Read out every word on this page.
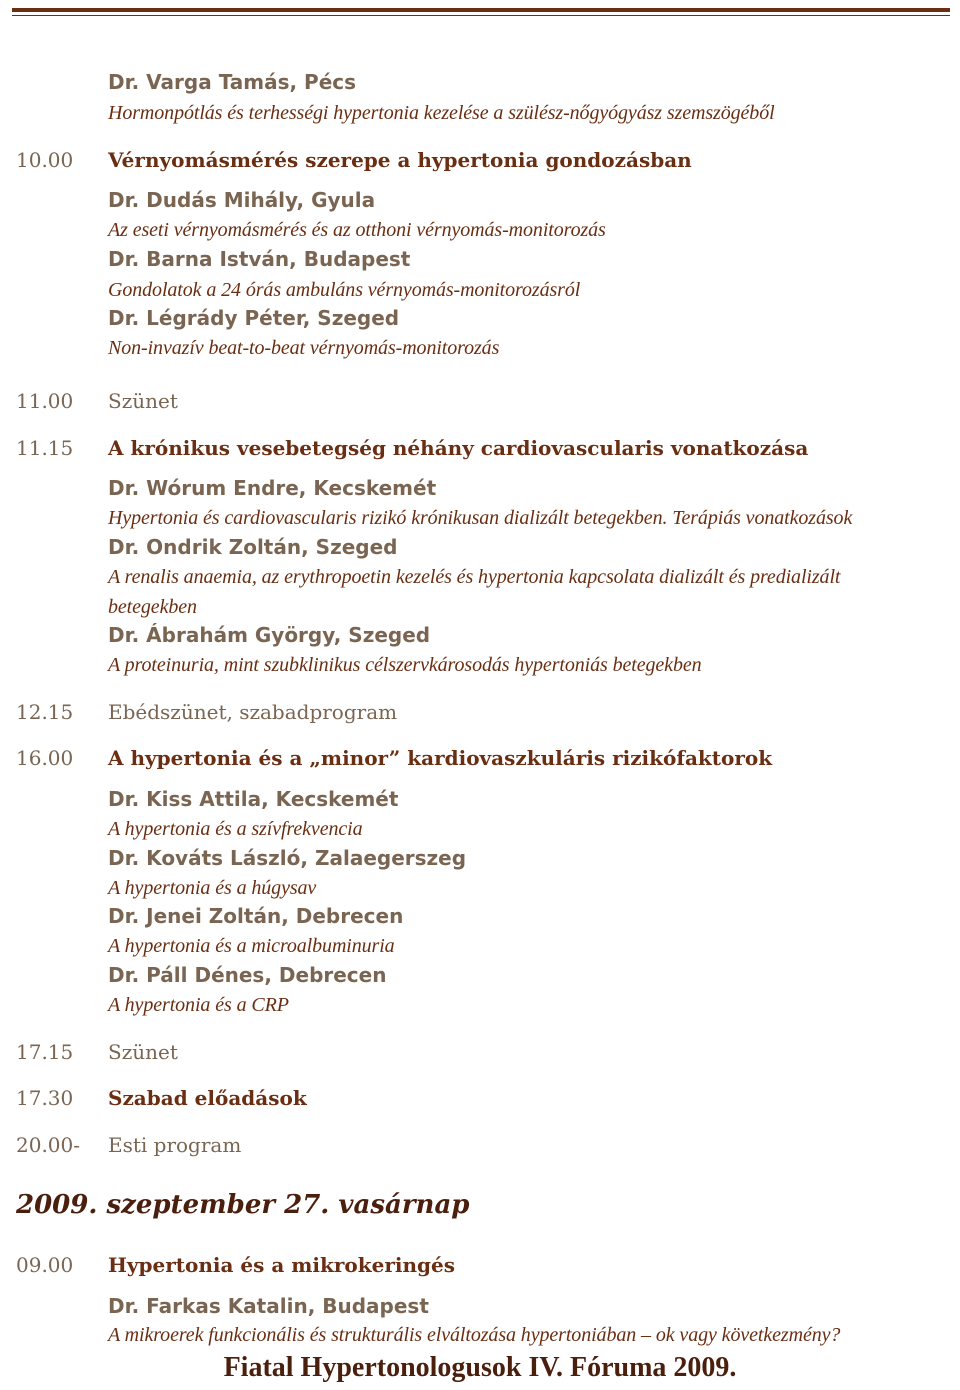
Dr. Varga Tamás, Pécs
Hormonpótlás és terhességi hypertonia kezelése a szülész-nőgyógyász szemszögéből
10.00 Vérnyomásmérés szerepe a hypertonia gondozásban
Dr. Dudás Mihály, Gyula
Az eseti vérnyomásmérés és az otthoni vérnyomás-monitorozás
Dr. Barna István, Budapest
Gondolatok a 24 órás ambuláns vérnyomás-monitorozásról
Dr. Légrády Péter, Szeged
Non-invazív beat-to-beat vérnyomás-monitorozás
11.00 Szünet
11.15 A krónikus vesebetegség néhány cardiovascularis vonatkozása
Dr. Wórum Endre, Kecskemét
Hypertonia és cardiovascularis rizikó krónikusan dializált betegekben. Terápiás vonatkozások
Dr. Ondrik Zoltán, Szeged
A renalis anaemia, az erythropoetin kezelés és hypertonia kapcsolata dializált és predializált
betegekben
Dr. Ábrahám György, Szeged
A proteinuria, mint szubklinikus célszervkárosodás hypertoniás betegekben
12.15 Ebédszünet, szabadprogram
16.00 A hypertonia és a „minor” kardiovaszkuláris rizikófaktorok
Dr. Kiss Attila, Kecskemét
A hypertonia és a szívfrekvencia
Dr. Kováts László, Zalaegerszeg
A hypertonia és a húgysav
Dr. Jenei Zoltán, Debrecen
A hypertonia és a microalbuminuria
Dr. Páll Dénes, Debrecen
A hypertonia és a CRP
17.15 Szünet
17.30 Szabad előadások
20.00- Esti program
2009. szeptember 27. vasárnap
09.00 Hypertonia és a mikrokeringés
Dr. Farkas Katalin, Budapest
A mikroerek funkcionális és strukturális elváltozása hypertoniában – ok vagy következmény?
Fiatal Hypertonologusok IV. Fóruma 2009.
